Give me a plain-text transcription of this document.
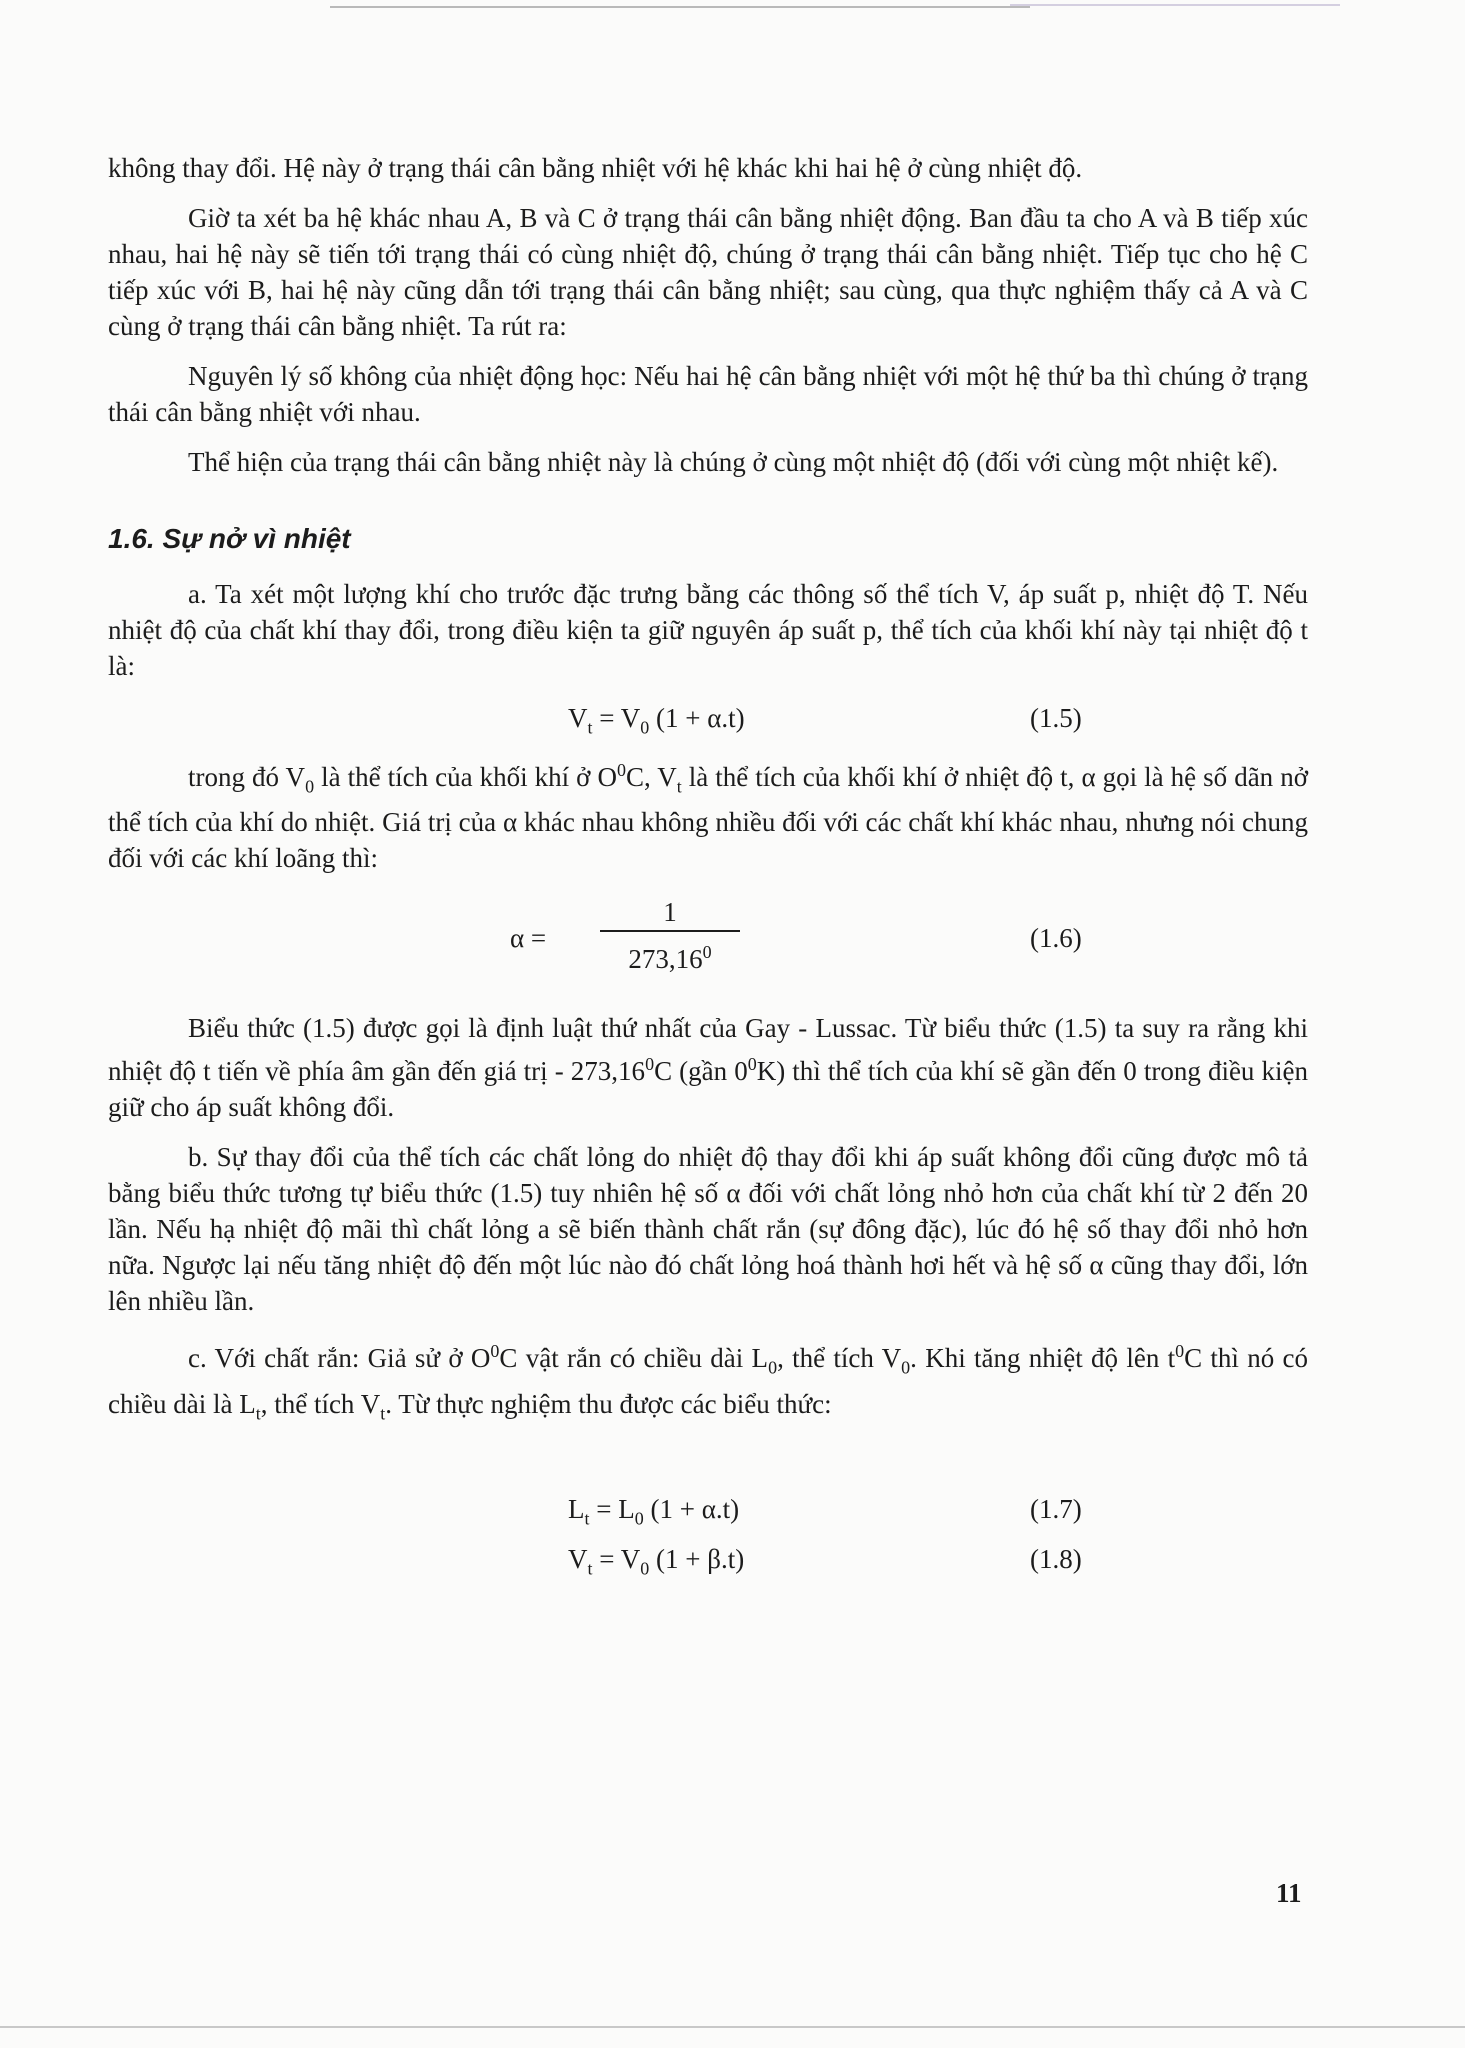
không thay đổi. Hệ này ở trạng thái cân bằng nhiệt với hệ khác khi hai hệ ở cùng nhiệt độ.

Giờ ta xét ba hệ khác nhau A, B và C ở trạng thái cân bằng nhiệt động. Ban đầu ta cho A và B tiếp xúc nhau, hai hệ này sẽ tiến tới trạng thái có cùng nhiệt độ, chúng ở trạng thái cân bằng nhiệt. Tiếp tục cho hệ C tiếp xúc với B, hai hệ này cũng dẫn tới trạng thái cân bằng nhiệt; sau cùng, qua thực nghiệm thấy cả A và C cùng ở trạng thái cân bằng nhiệt. Ta rút ra:

Nguyên lý số không của nhiệt động học: Nếu hai hệ cân bằng nhiệt với một hệ thứ ba thì chúng ở trạng thái cân bằng nhiệt với nhau.

Thể hiện của trạng thái cân bằng nhiệt này là chúng ở cùng một nhiệt độ (đối với cùng một nhiệt kế).

1.6. Sự nở vì nhiệt

a. Ta xét một lượng khí cho trước đặc trưng bằng các thông số thể tích V, áp suất p, nhiệt độ T. Nếu nhiệt độ của chất khí thay đổi, trong điều kiện ta giữ nguyên áp suất p, thể tích của khối khí này tại nhiệt độ t là:

$V_t = V_0$ (1 + α.t)	(1.5)

trong đó $V_0$ là thể tích của khối khí ở $O^0C$, $V_t$ là thể tích của khối khí ở nhiệt độ t, α gọi là hệ số dãn nở thể tích của khí do nhiệt. Giá trị của α khác nhau không nhiều đối với các chất khí khác nhau, nhưng nói chung đối với các khí loãng thì:

$\alpha = \frac{1}{273,16^0}$	(1.6)

Biểu thức (1.5) được gọi là định luật thứ nhất của Gay - Lussac. Từ biểu thức (1.5) ta suy ra rằng khi nhiệt độ t tiến về phía âm gần đến giá trị - 273,16$^0$C (gần $0^0K$) thì thể tích của khí sẽ gần đến 0 trong điều kiện giữ cho áp suất không đổi.

b. Sự thay đổi của thể tích các chất lỏng do nhiệt độ thay đổi khi áp suất không đổi cũng được mô tả bằng biểu thức tương tự biểu thức (1.5) tuy nhiên hệ số α đối với chất lỏng nhỏ hơn của chất khí từ 2 đến 20 lần. Nếu hạ nhiệt độ mãi thì chất lỏng a sẽ biến thành chất rắn (sự đông đặc), lúc đó hệ số thay đổi nhỏ hơn nữa. Ngược lại nếu tăng nhiệt độ đến một lúc nào đó chất lỏng hoá thành hơi hết và hệ số α cũng thay đổi, lớn lên nhiều lần.

c. Với chất rắn: Giả sử ở $O^0C$ vật rắn có chiều dài $L_0$, thể tích $V_0$. Khi tăng nhiệt độ lên $t^0C$ thì nó có chiều dài là $L_t$, thể tích $V_t$. Từ thực nghiệm thu được các biểu thức:

$L_t = L_0$ (1 + α.t)	(1.7)
$V_t = V_0$ (1 + β.t)	(1.8)
11
